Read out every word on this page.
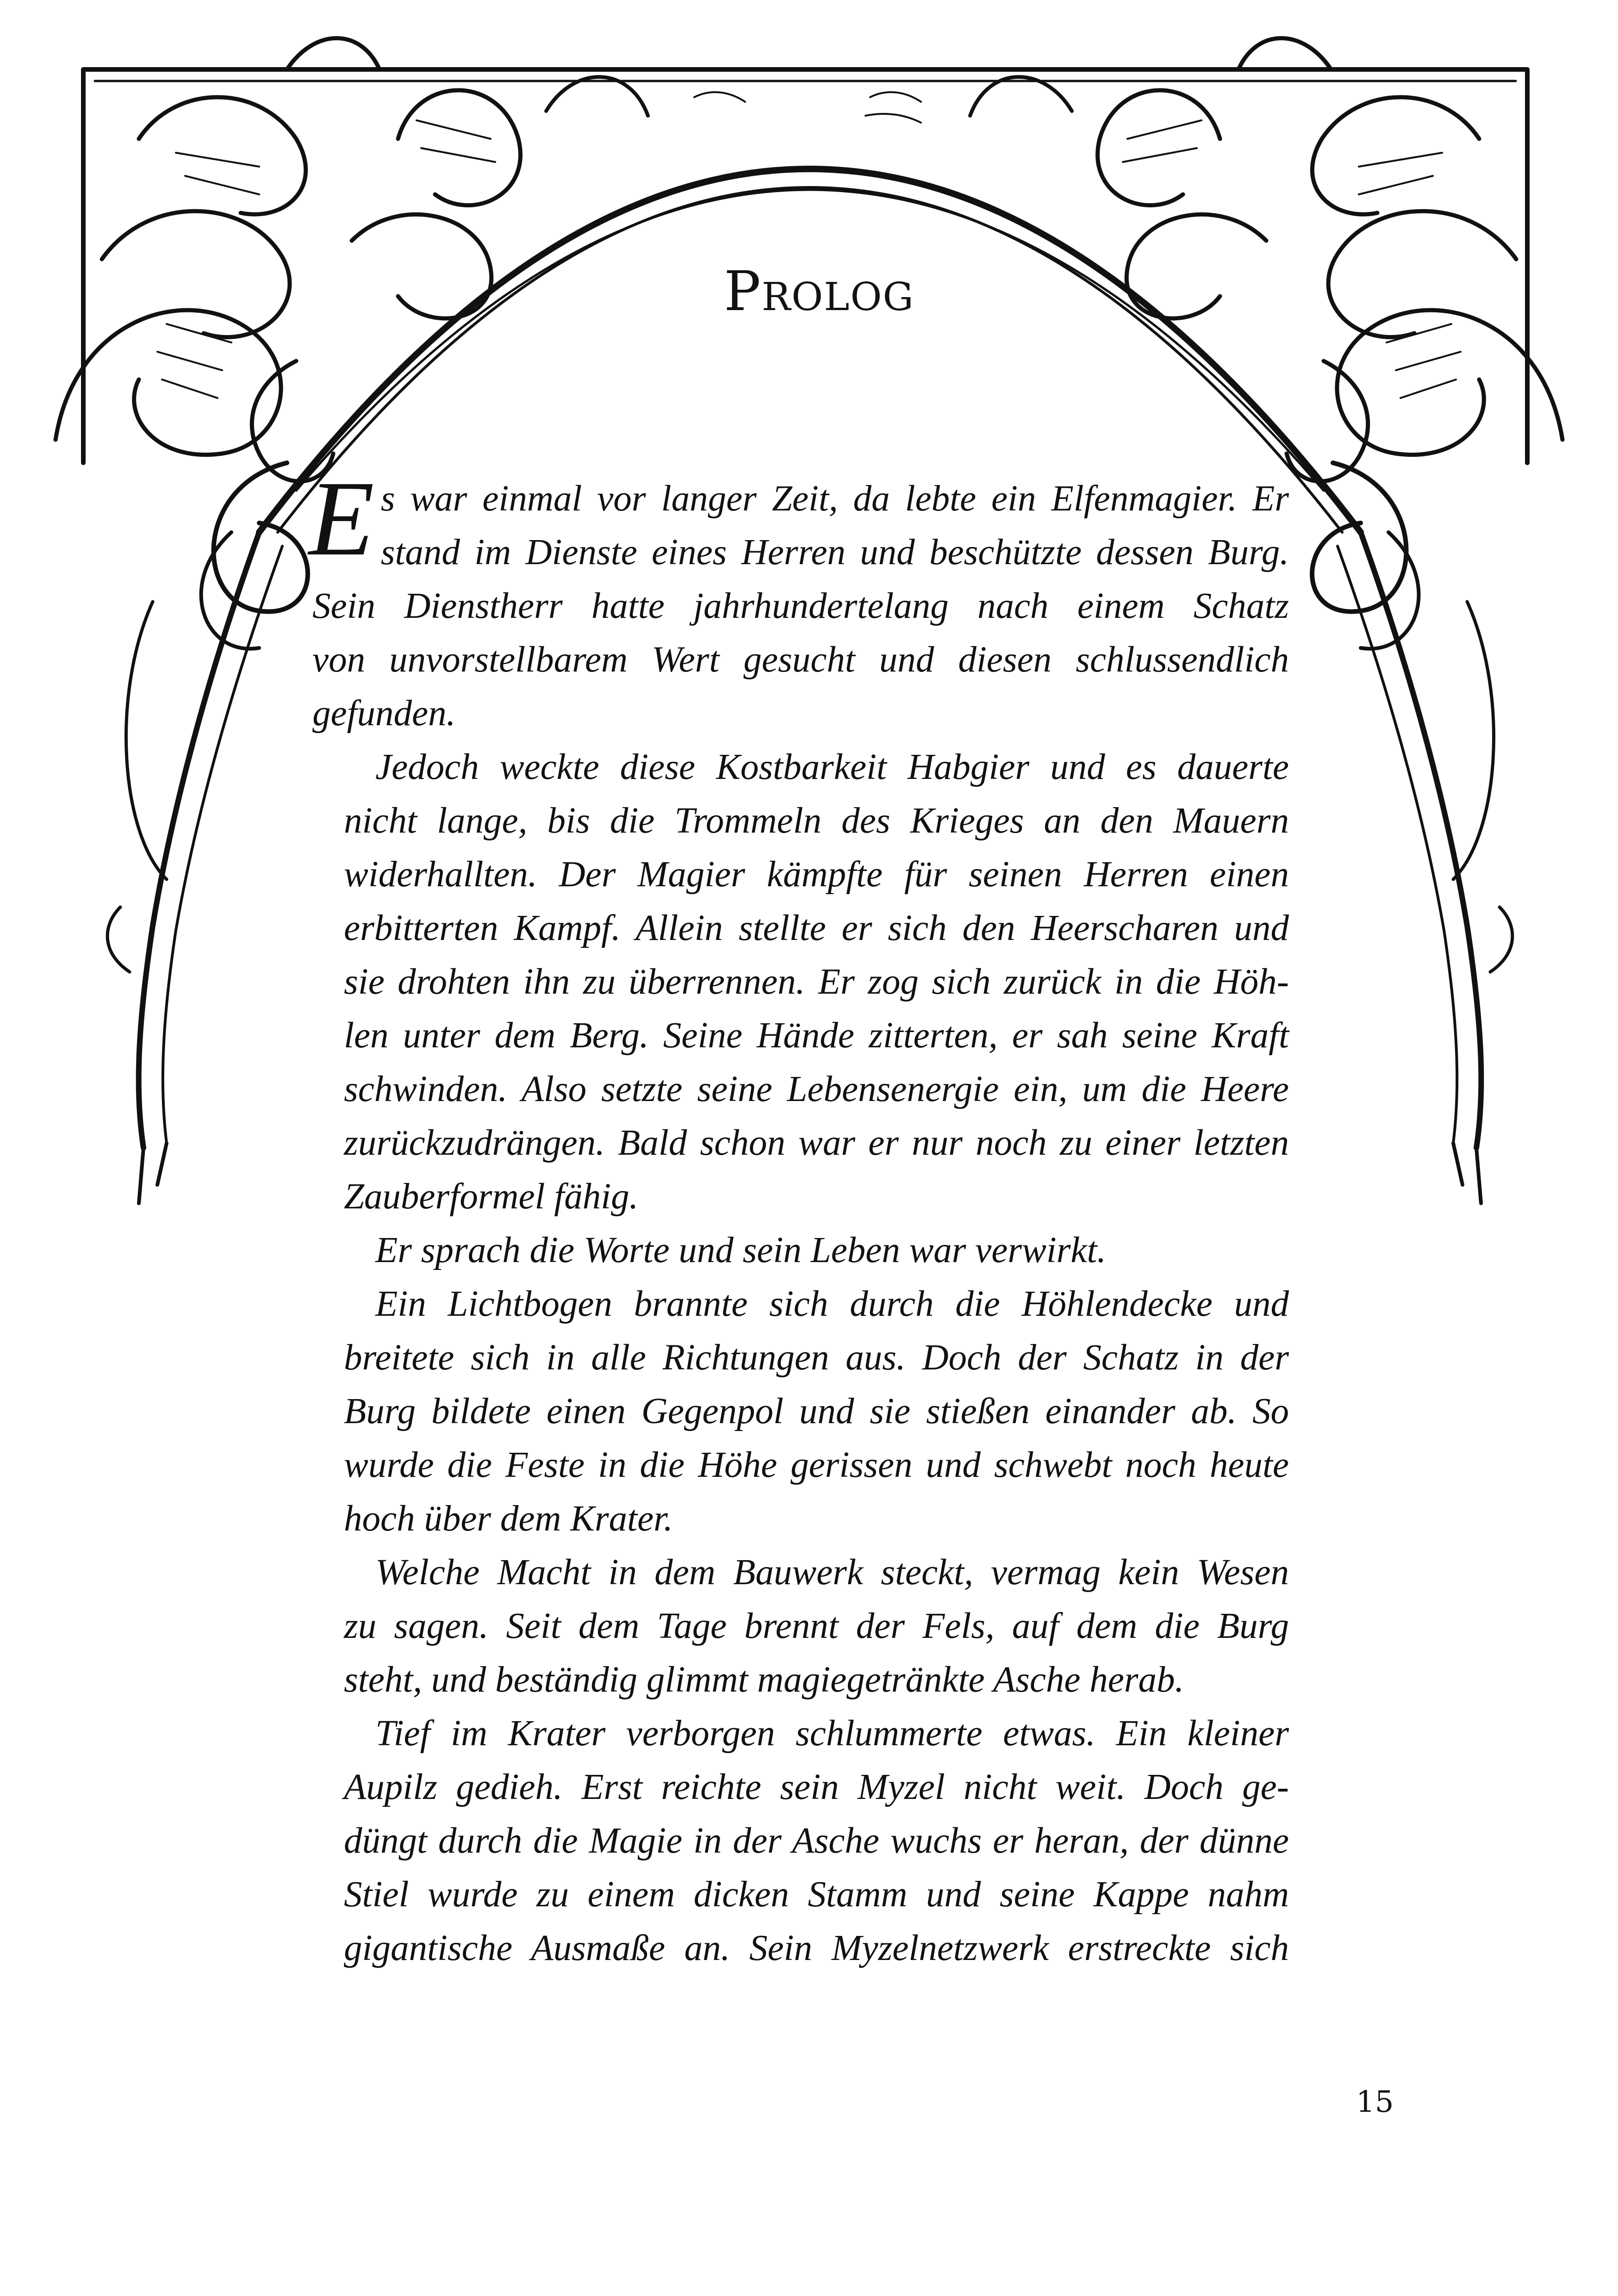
Prolog

E s war einmal vor langer Zeit, da lebte ein Elfenmagier. Er
stand im Dienste eines Herren und beschützte dessen Burg.
Sein Dienstherr hatte jahrhundertelang nach einem Schatz
von unvorstellbarem Wert gesucht und diesen schlussendlich
gefunden.

Jedoch weckte diese Kostbarkeit Habgier und es dauerte
nicht lange, bis die Trommeln des Krieges an den Mauern
widerhallten. Der Magier kämpfte für seinen Herren einen
erbitterten Kampf. Allein stellte er sich den Heerscharen und
sie drohten ihn zu überrennen. Er zog sich zurück in die Höh-
len unter dem Berg. Seine Hände zitterten, er sah seine Kraft
schwinden. Also setzte seine Lebensenergie ein, um die Heere
zurückzudrängen. Bald schon war er nur noch zu einer letzten
Zauberformel fähig.

Er sprach die Worte und sein Leben war verwirkt.

Ein Lichtbogen brannte sich durch die Höhlendecke und
breitete sich in alle Richtungen aus. Doch der Schatz in der
Burg bildete einen Gegenpol und sie stießen einander ab. So
wurde die Feste in die Höhe gerissen und schwebt noch heute
hoch über dem Krater.

Welche Macht in dem Bauwerk steckt, vermag kein Wesen
zu sagen. Seit dem Tage brennt der Fels, auf dem die Burg
steht, und beständig glimmt magiegetränkte Asche herab.

Tief im Krater verborgen schlummerte etwas. Ein kleiner
Aupilz gedieh. Erst reichte sein Myzel nicht weit. Doch ge-
düngt durch die Magie in der Asche wuchs er heran, der dünne
Stiel wurde zu einem dicken Stamm und seine Kappe nahm
gigantische Ausmaße an. Sein Myzelnetzwerk erstreckte sich

15
